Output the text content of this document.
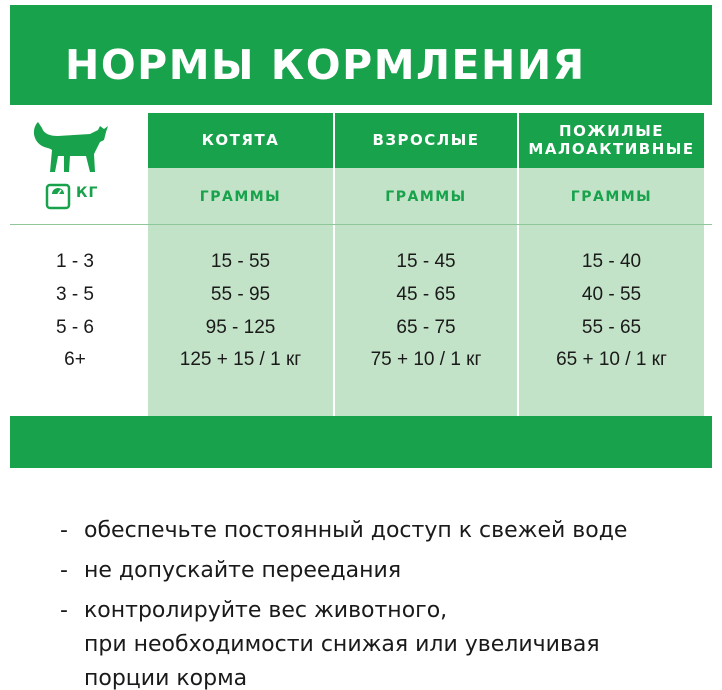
НОРМЫ КОРМЛЕНИЯ
КГ
КОТЯТА	ВЗРОСЛЫЕ	ПОЖИЛЫЕ
МАЛОАКТИВНЫЕ
ГРАММЫ	ГРАММЫ	ГРАММЫ
1 - 3	15 - 55	15 - 45	15 - 40
3 - 5	55 - 95	45 - 65	40 - 55
5 - 6	95 - 125	65 - 75	55 - 65
6+	125 + 15 / 1 кг	75 + 10 / 1 кг	65 + 10 / 1 кг
- обеспечьте постоянный доступ к свежей воде
- не допускайте переедания
- контролируйте вес животного,
при необходимости снижая или увеличивая
порции корма
